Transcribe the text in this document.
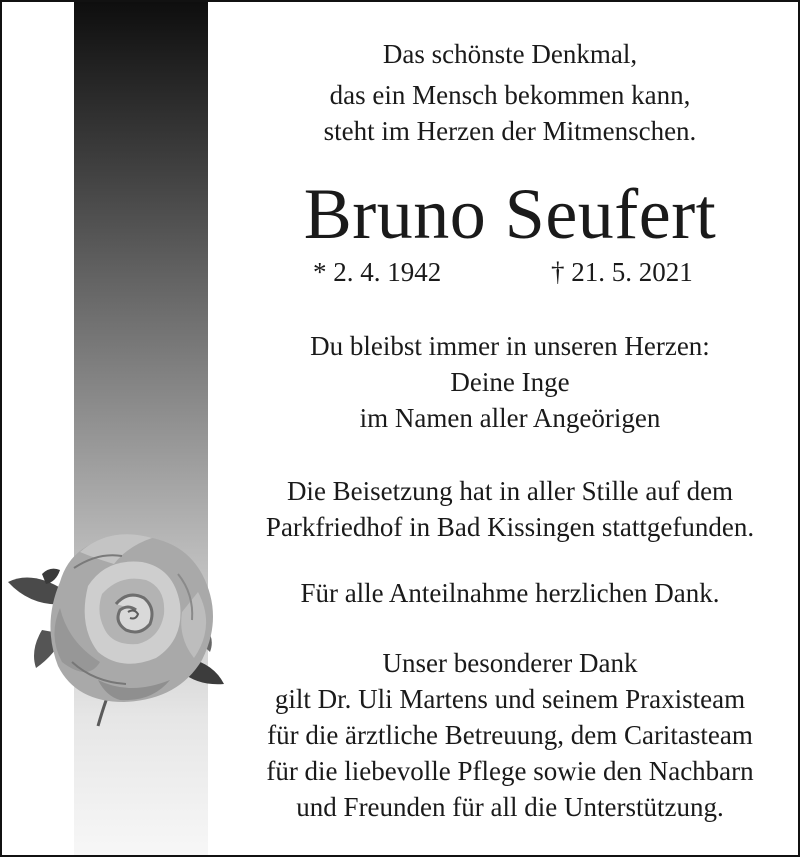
Das schönste Denkmal,
das ein Mensch bekommen kann,
steht im Herzen der Mitmenschen.
Bruno Seufert
* 2. 4. 1942	† 21. 5. 2021
Du bleibst immer in unseren Herzen:
Deine Inge
im Namen aller Angeörigen
Die Beisetzung hat in aller Stille auf dem
Parkfriedhof in Bad Kissingen stattgefunden.
Für alle Anteilnahme herzlichen Dank.
Unser besonderer Dank
gilt Dr. Uli Martens und seinem Praxisteam
für die ärztliche Betreuung, dem Caritasteam
für die liebevolle Pflege sowie den Nachbarn
und Freunden für all die Unterstützung.
